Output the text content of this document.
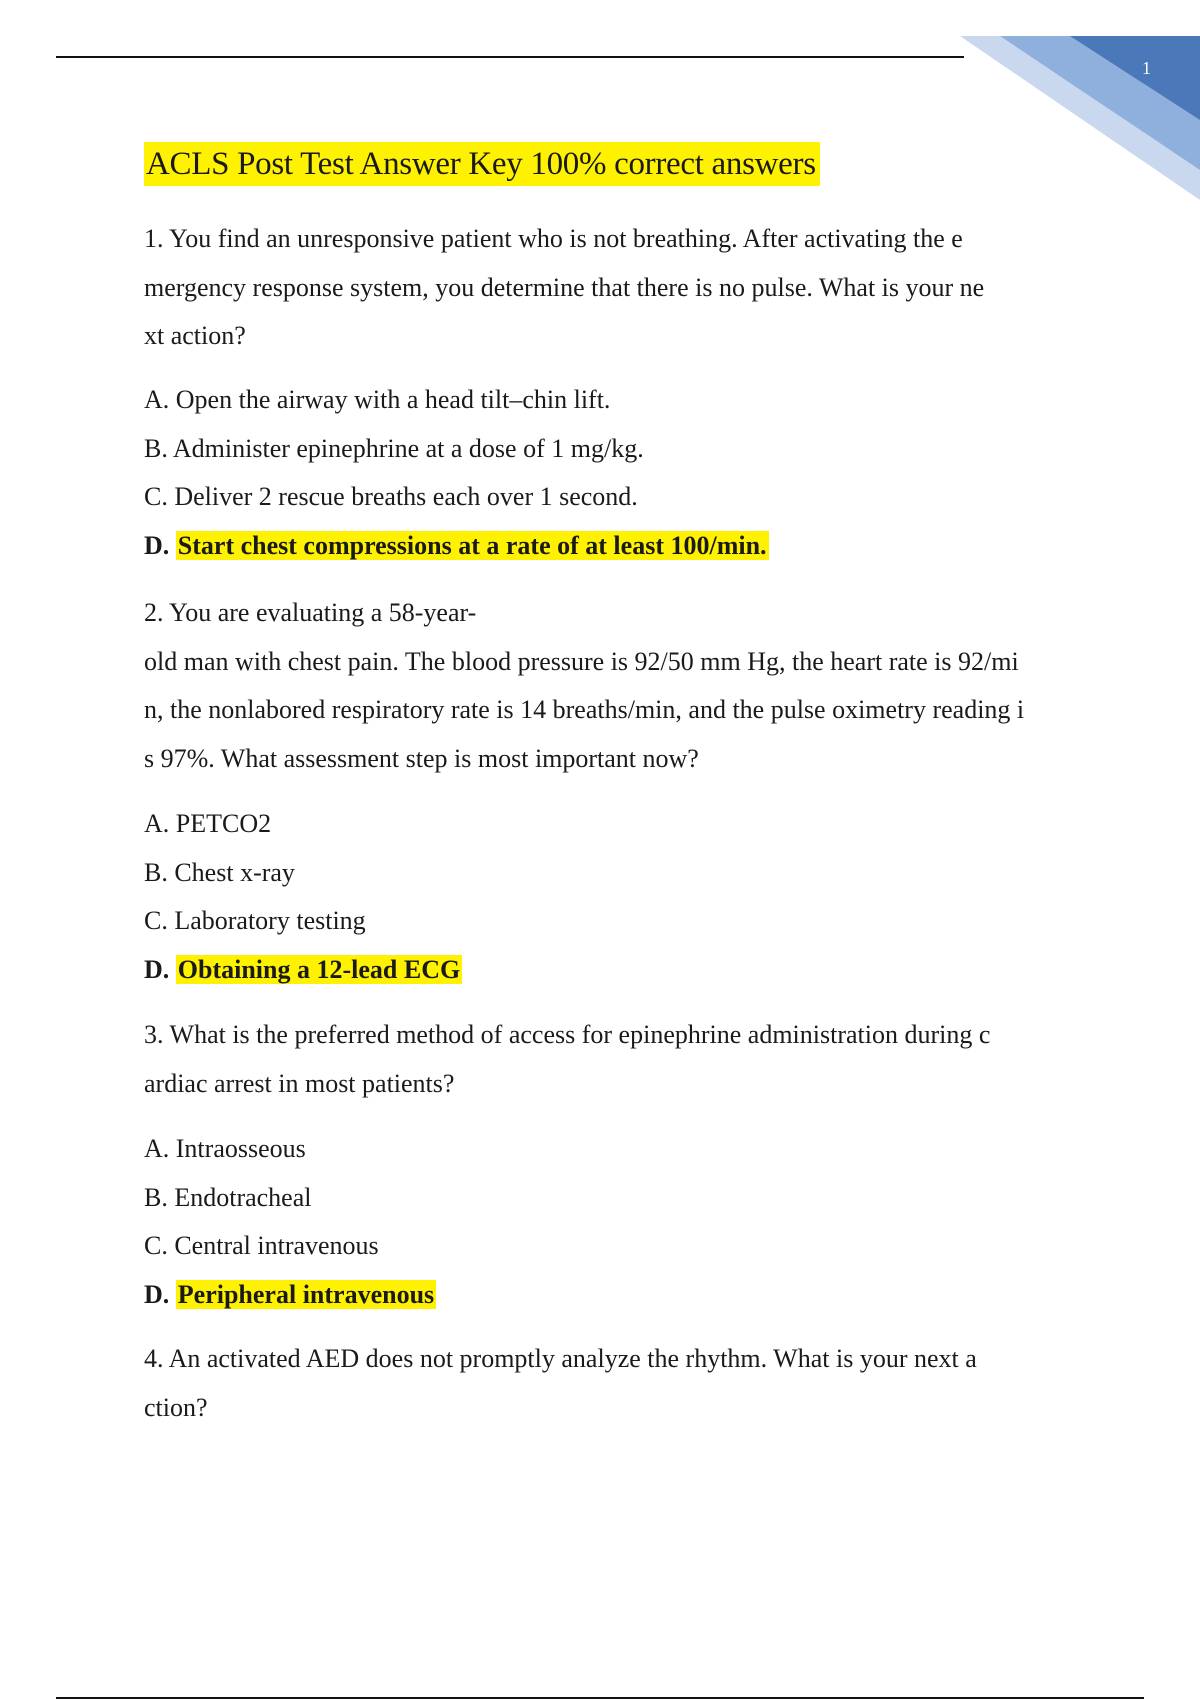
1
ACLS Post Test Answer Key 100% correct answers

1. You find an unresponsive patient who is not breathing. After activating the e

mergency response system, you determine that there is no pulse. What is your ne

xt action?

A. Open the airway with a head tilt–chin lift.

B. Administer epinephrine at a dose of 1 mg/kg.

C. Deliver 2 rescue breaths each over 1 second.

D. Start chest compressions at a rate of at least 100/min.

2. You are evaluating a 58-year-

old man with chest pain. The blood pressure is 92/50 mm Hg, the heart rate is 92/mi

n, the nonlabored respiratory rate is 14 breaths/min, and the pulse oximetry reading i

s 97%. What assessment step is most important now?

A. PETCO2

B. Chest x-ray

C. Laboratory testing

D. Obtaining a 12-lead ECG

3. What is the preferred method of access for epinephrine administration during c

ardiac arrest in most patients?

A. Intraosseous

B. Endotracheal

C. Central intravenous

D. Peripheral intravenous

4. An activated AED does not promptly analyze the rhythm. What is your next a

ction?
